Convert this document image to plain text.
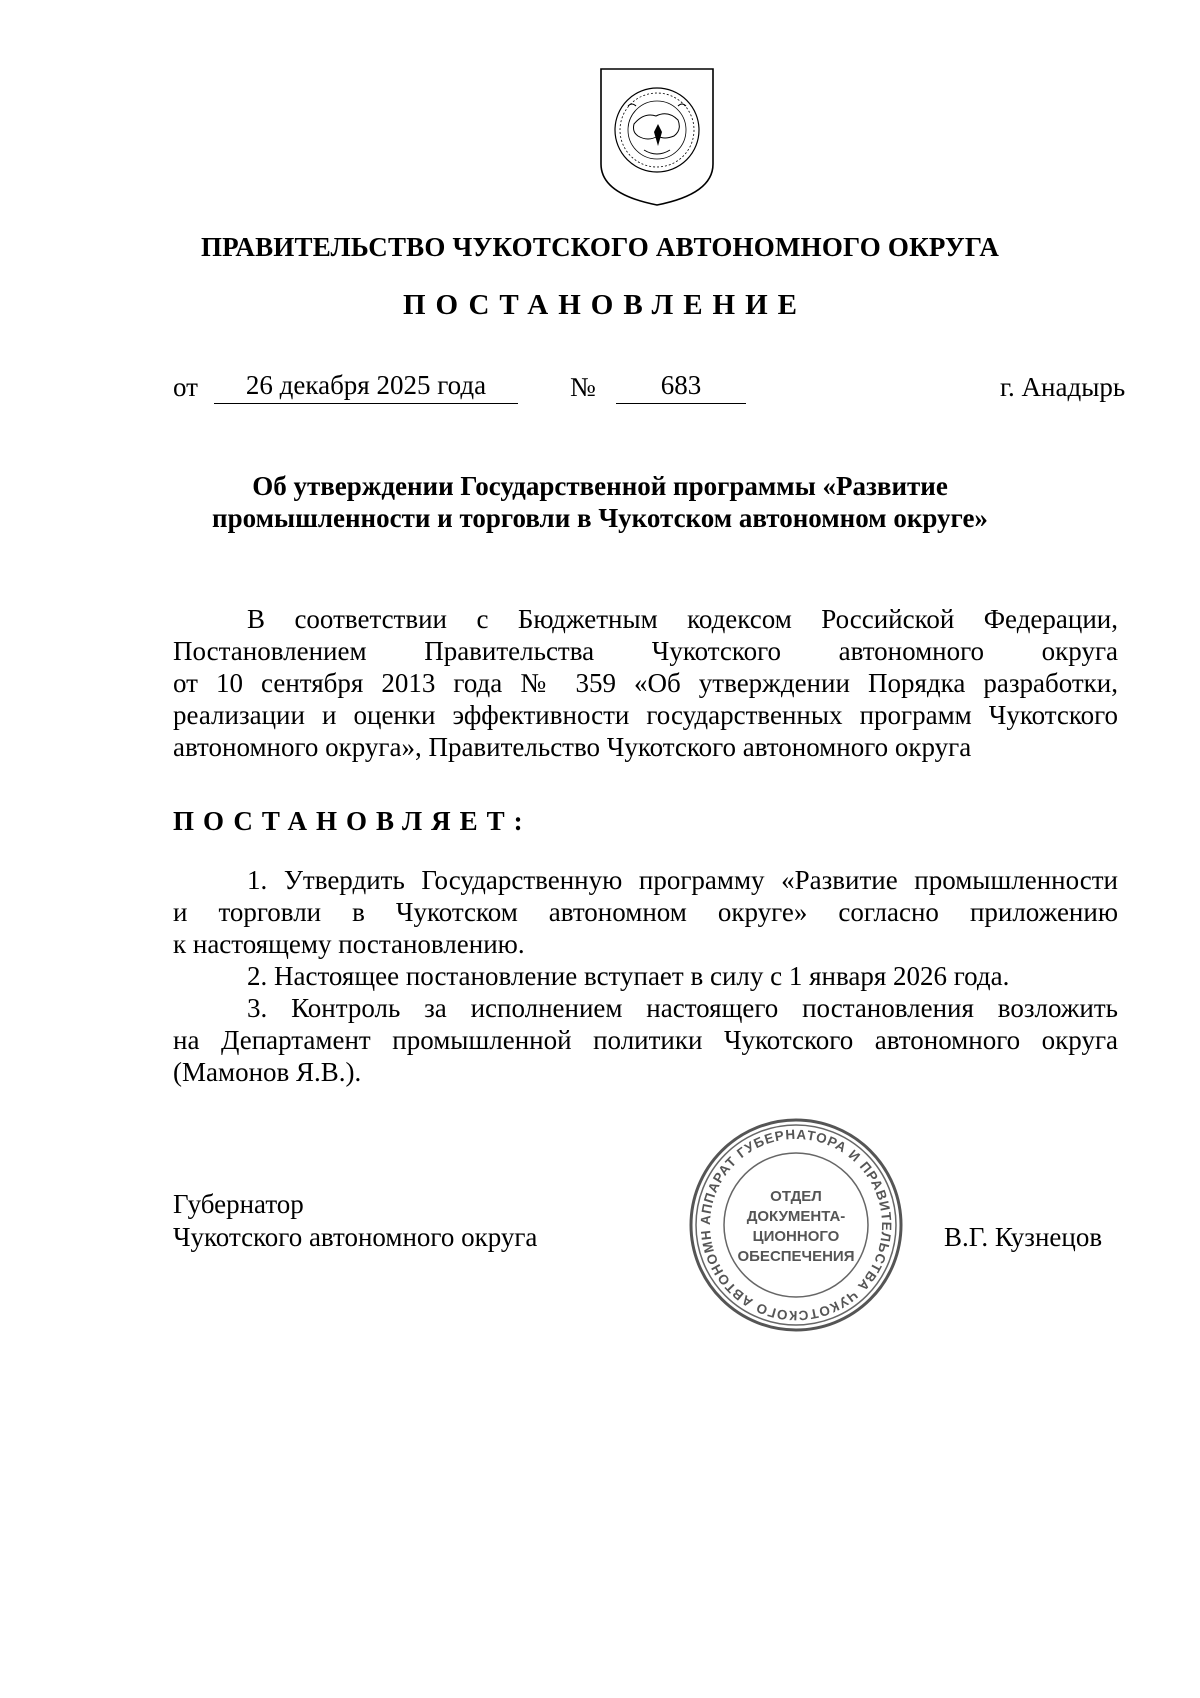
ПРАВИТЕЛЬСТВО ЧУКОТСКОГО АВТОНОМНОГО ОКРУГА
ПОСТАНОВЛЕНИЕ
от	26 декабря 2025 года	№	683	г. Анадырь
Об утверждении Государственной программы «Развитие
промышленности и торговли в Чукотском автономном округе»
В соответствии с Бюджетным кодексом Российской Федерации,
Постановлением Правительства Чукотского автономного округа
от 10 сентября 2013 года № 359 «Об утверждении Порядка разработки,
реализации и оценки эффективности государственных программ Чукотского
автономного округа», Правительство Чукотского автономного округа
ПОСТАНОВЛЯЕТ:
1. Утвердить Государственную программу «Развитие промышленности
и торговли в Чукотском автономном округе» согласно приложению
к настоящему постановлению.
2. Настоящее постановление вступает в силу с 1 января 2026 года.
3. Контроль за исполнением настоящего постановления возложить
на Департамент промышленной политики Чукотского автономного округа
(Мамонов Я.В.).
Губернатор
Чукотского автономного округа	В.Г. Кузнецов
АППАРАТ ГУБЕРНАТОРА И ПРАВИТЕЛЬСТВА ЧУКОТСКОГО АВТОНОМН
ОТДЕЛ
ДОКУМЕНТА-
ЦИОННОГО
ОБЕСПЕЧЕНИЯ
